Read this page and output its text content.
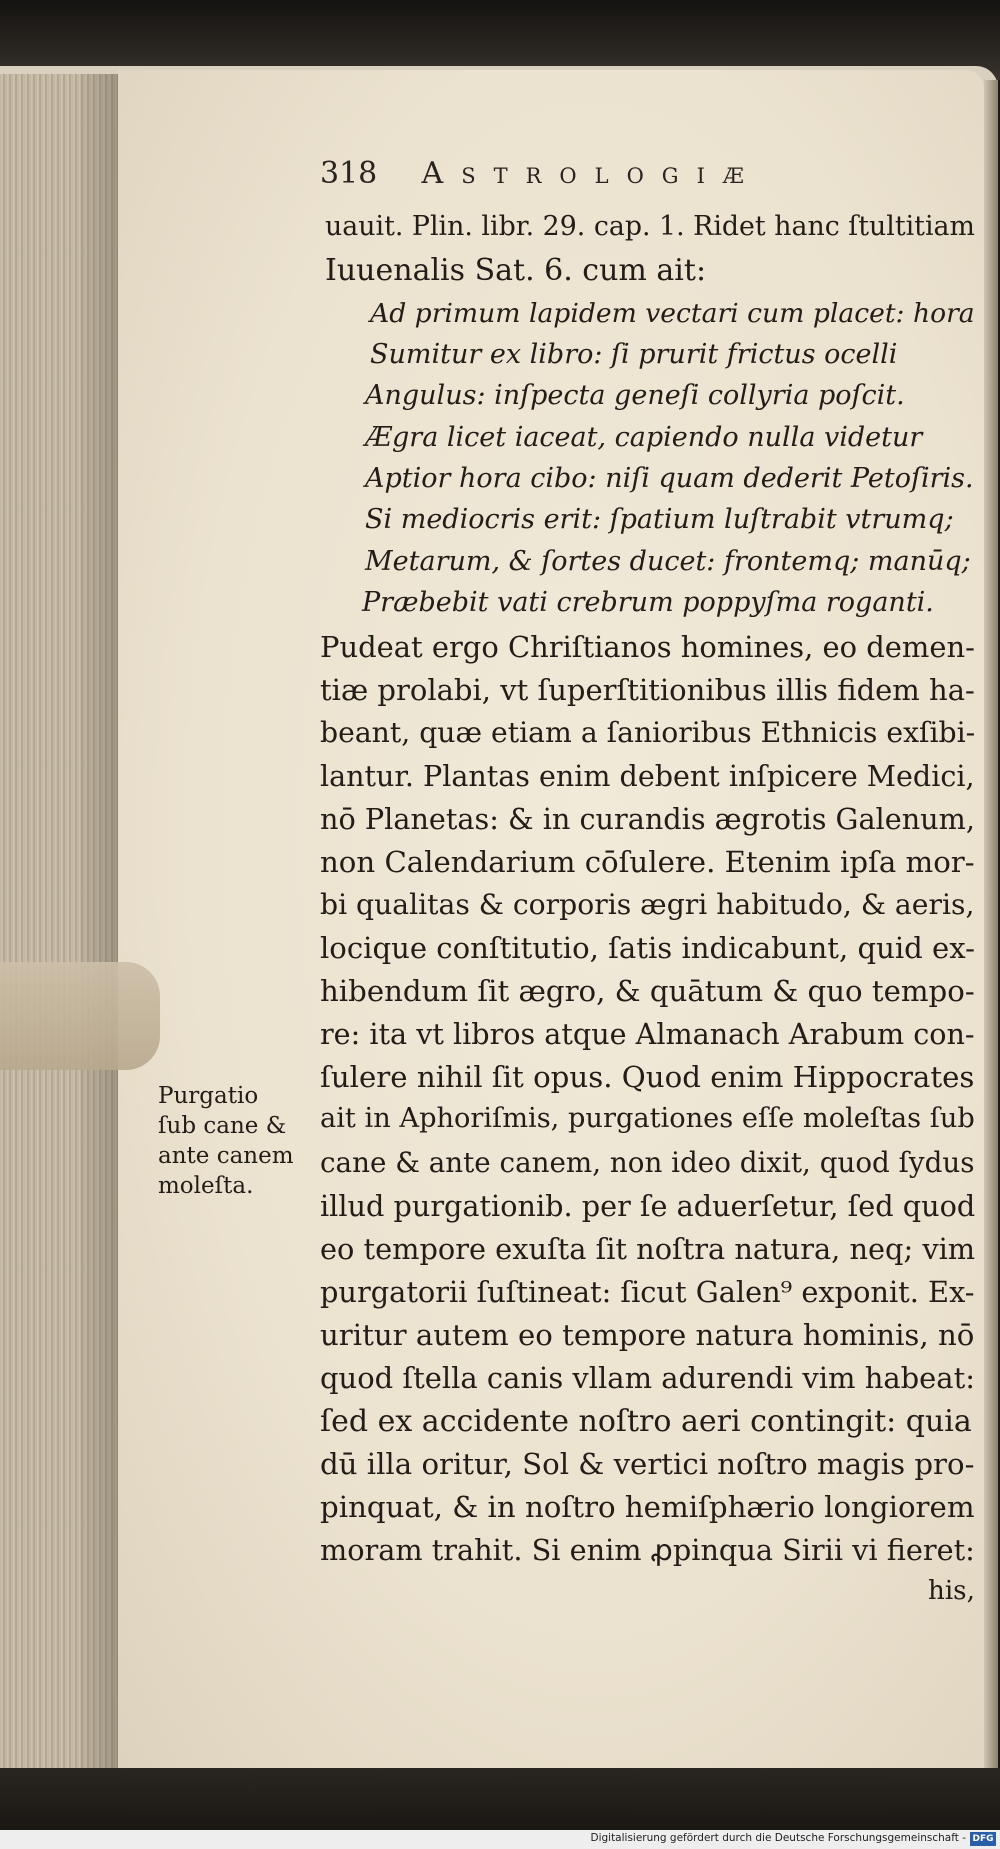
318 Astrologiæ
uauit. Plin. libr. 29. cap. 1. Ridet hanc ſtultitiam
Iuuenalis Sat. 6. cum ait:
Ad primum lapidem vectari cum placet: hora
Sumitur ex libro: ſi prurit frictus ocelli
Angulus: inſpecta geneſi collyria poſcit.
Ægra licet iaceat, capiendo nulla videtur
Aptior hora cibo: niſi quam dederit Petoſiris.
Si mediocris erit: ſpatium luſtrabit vtrumq;
Metarum, & ſortes ducet: frontemq; manūq;
Præbebit vati crebrum poppyſma roganti.
Pudeat ergo Chriſtianos homines, eo demen-
tiæ prolabi, vt ſuperſtitionibus illis fidem ha-
beant, quæ etiam a ſanioribus Ethnicis exſibi-
lantur. Plantas enim debent inſpicere Medici,
nō Planetas: & in curandis ægrotis Galenum,
non Calendarium cōſulere. Etenim ipſa mor-
bi qualitas & corporis ægri habitudo, & aeris,
locique conſtitutio, ſatis indicabunt, quid ex-
hibendum ſit ægro, & quātum & quo tempo-
re: ita vt libros atque Almanach Arabum con-
ſulere nihil ſit opus. Quod enim Hippocrates
ait in Aphoriſmis, purgationes eſſe moleſtas ſub
cane & ante canem, non ideo dixit, quod ſydus
illud purgationib. per ſe aduerſetur, ſed quod
eo tempore exuſta ſit noſtra natura, neq; vim
purgatorii ſuſtineat: ſicut Galen⁹ exponit. Ex-
uritur autem eo tempore natura hominis, nō
quod ſtella canis vllam adurendi vim habeat:
ſed ex accidente noſtro aeri contingit: quia
dū illa oritur, Sol & vertici noſtro magis pro-
pinquat, & in noſtro hemiſphærio longiorem
moram trahit. Si enim ꝓpinqua Sirii vi fieret:
his,
Purgatio
ſub cane &
ante canem
moleſta.
Digitalisierung gefördert durch die Deutsche Forschungsgemeinschaft - DFG
